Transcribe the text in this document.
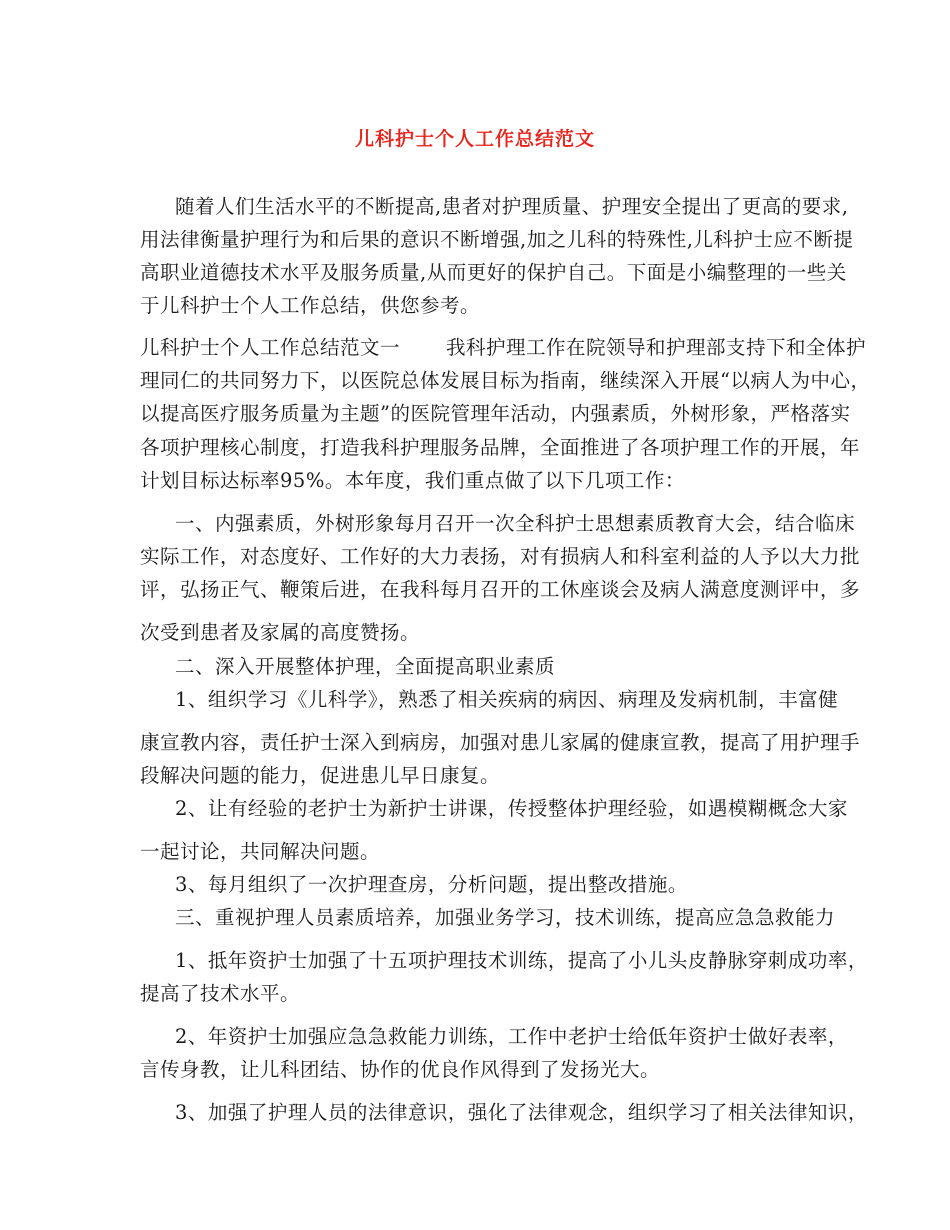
儿科护士个人工作总结范文
随着人们生活水平的不断提高,患者对护理质量、护理安全提出了更高的要求,
用法律衡量护理行为和后果的意识不断增强,加之儿科的特殊性,儿科护士应不断提
高职业道德技术水平及服务质量,从而更好的保护自己。下面是小编整理的一些关
于儿科护士个人工作总结，供您参考。
儿科护士个人工作总结范文一 我科护理工作在院领导和护理部支持下和全体护
理同仁的共同努力下，以医院总体发展目标为指南，继续深入开展“以病人为中心，
以提高医疗服务质量为主题”的医院管理年活动，内强素质，外树形象，严格落实
各项护理核心制度，打造我科护理服务品牌，全面推进了各项护理工作的开展，年
计划目标达标率95%。本年度，我们重点做了以下几项工作：
一、内强素质，外树形象每月召开一次全科护士思想素质教育大会，结合临床
实际工作，对态度好、工作好的大力表扬，对有损病人和科室利益的人予以大力批
评，弘扬正气、鞭策后进，在我科每月召开的工休座谈会及病人满意度测评中，多
次受到患者及家属的高度赞扬。
二、深入开展整体护理，全面提高职业素质
1、组织学习《儿科学》，熟悉了相关疾病的病因、病理及发病机制，丰富健
康宣教内容，责任护士深入到病房，加强对患儿家属的健康宣教，提高了用护理手
段解决问题的能力，促进患儿早日康复。
2、让有经验的老护士为新护士讲课，传授整体护理经验，如遇模糊概念大家
一起讨论，共同解决问题。
3、每月组织了一次护理查房，分析问题，提出整改措施。
三、重视护理人员素质培养，加强业务学习，技术训练，提高应急急救能力
1、抵年资护士加强了十五项护理技术训练，提高了小儿头皮静脉穿刺成功率，
提高了技术水平。
2、年资护士加强应急急救能力训练，工作中老护士给低年资护士做好表率，
言传身教，让儿科团结、协作的优良作风得到了发扬光大。
3、加强了护理人员的法律意识，强化了法律观念，组织学习了相关法律知识，
